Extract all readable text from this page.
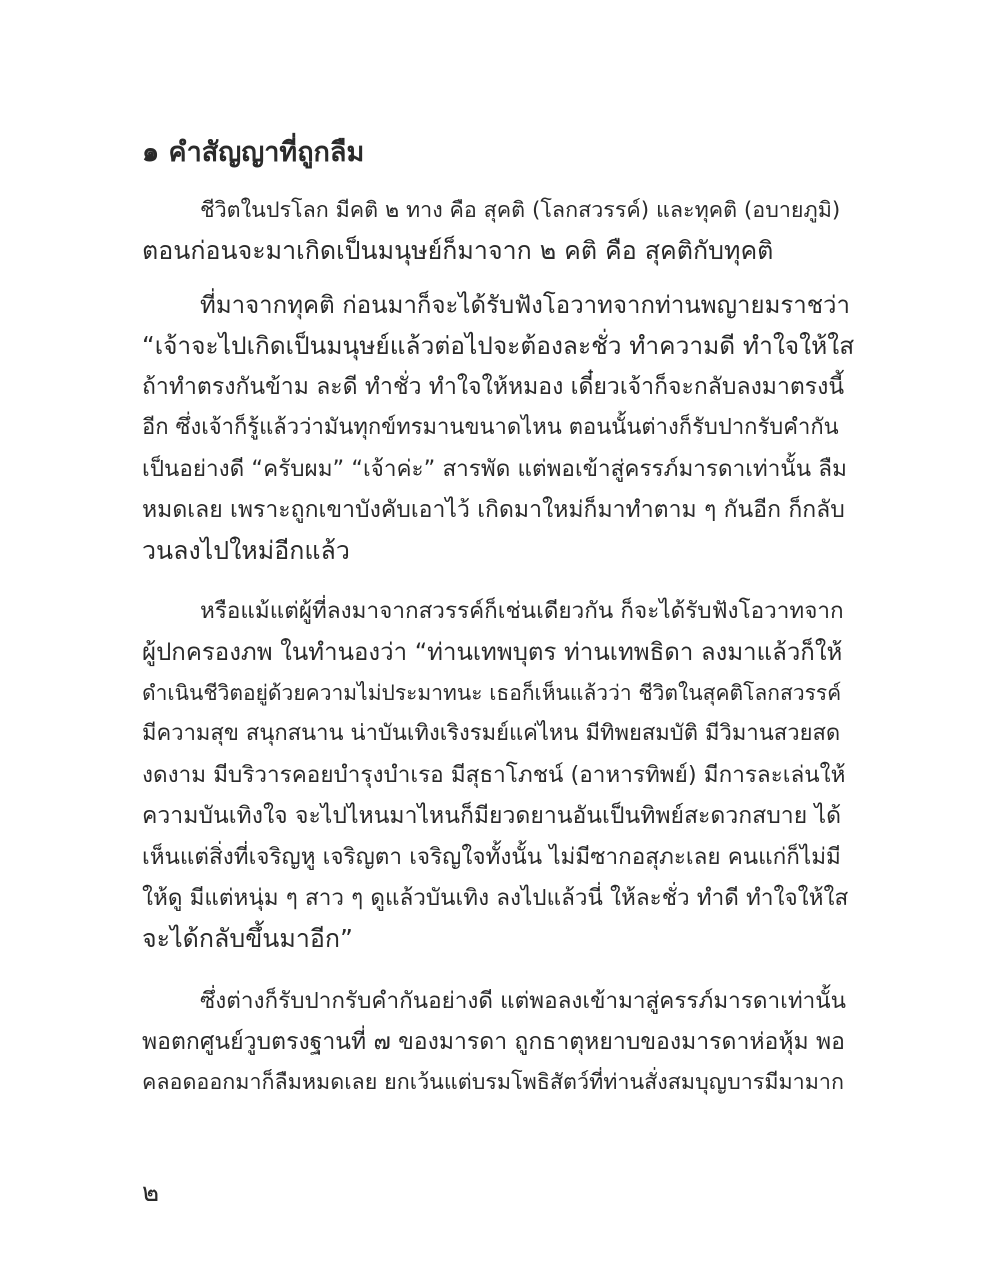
๑ คำสัญญาที่ถูกลืม
ชีวิตในปรโลก มีคติ ๒ ทาง คือ สุคติ (โลกสวรรค์) และทุคติ (อบายภูมิ)
ตอนก่อนจะมาเกิดเป็นมนุษย์ก็มาจาก ๒ คติ คือ สุคติกับทุคติ
ที่มาจากทุคติ ก่อนมาก็จะได้รับฟังโอวาทจากท่านพญายมราชว่า
“เจ้าจะไปเกิดเป็นมนุษย์แล้วต่อไปจะต้องละชั่ว ทำความดี ทำใจให้ใส
ถ้าทำตรงกันข้าม ละดี ทำชั่ว ทำใจให้หมอง เดี๋ยวเจ้าก็จะกลับลงมาตรงนี้
อีก ซึ่งเจ้าก็รู้แล้วว่ามันทุกข์ทรมานขนาดไหน ตอนนั้นต่างก็รับปากรับคำกัน
เป็นอย่างดี “ครับผม” “เจ้าค่ะ” สารพัด แต่พอเข้าสู่ครรภ์มารดาเท่านั้น ลืม
หมดเลย เพราะถูกเขาบังคับเอาไว้ เกิดมาใหม่ก็มาทำตาม ๆ กันอีก ก็กลับ
วนลงไปใหม่อีกแล้ว
หรือแม้แต่ผู้ที่ลงมาจากสวรรค์ก็เช่นเดียวกัน ก็จะได้รับฟังโอวาทจาก
ผู้ปกครองภพ ในทำนองว่า “ท่านเทพบุตร ท่านเทพธิดา ลงมาแล้วก็ให้
ดำเนินชีวิตอยู่ด้วยความไม่ประมาทนะ เธอก็เห็นแล้วว่า ชีวิตในสุคติโลกสวรรค์
มีความสุข สนุกสนาน น่าบันเทิงเริงรมย์แค่ไหน มีทิพยสมบัติ มีวิมานสวยสด
งดงาม มีบริวารคอยบำรุงบำเรอ มีสุธาโภชน์ (อาหารทิพย์) มีการละเล่นให้
ความบันเทิงใจ จะไปไหนมาไหนก็มียวดยานอันเป็นทิพย์สะดวกสบาย ได้
เห็นแต่สิ่งที่เจริญหู เจริญตา เจริญใจทั้งนั้น ไม่มีซากอสุภะเลย คนแก่ก็ไม่มี
ให้ดู มีแต่หนุ่ม ๆ สาว ๆ ดูแล้วบันเทิง ลงไปแล้วนี่ ให้ละชั่ว ทำดี ทำใจให้ใส
จะได้กลับขึ้นมาอีก”
ซึ่งต่างก็รับปากรับคำกันอย่างดี แต่พอลงเข้ามาสู่ครรภ์มารดาเท่านั้น
พอตกศูนย์วูบตรงฐานที่ ๗ ของมารดา ถูกธาตุหยาบของมารดาห่อหุ้ม พอ
คลอดออกมาก็ลืมหมดเลย ยกเว้นแต่บรมโพธิสัตว์ที่ท่านสั่งสมบุญบารมีมามาก
๒
